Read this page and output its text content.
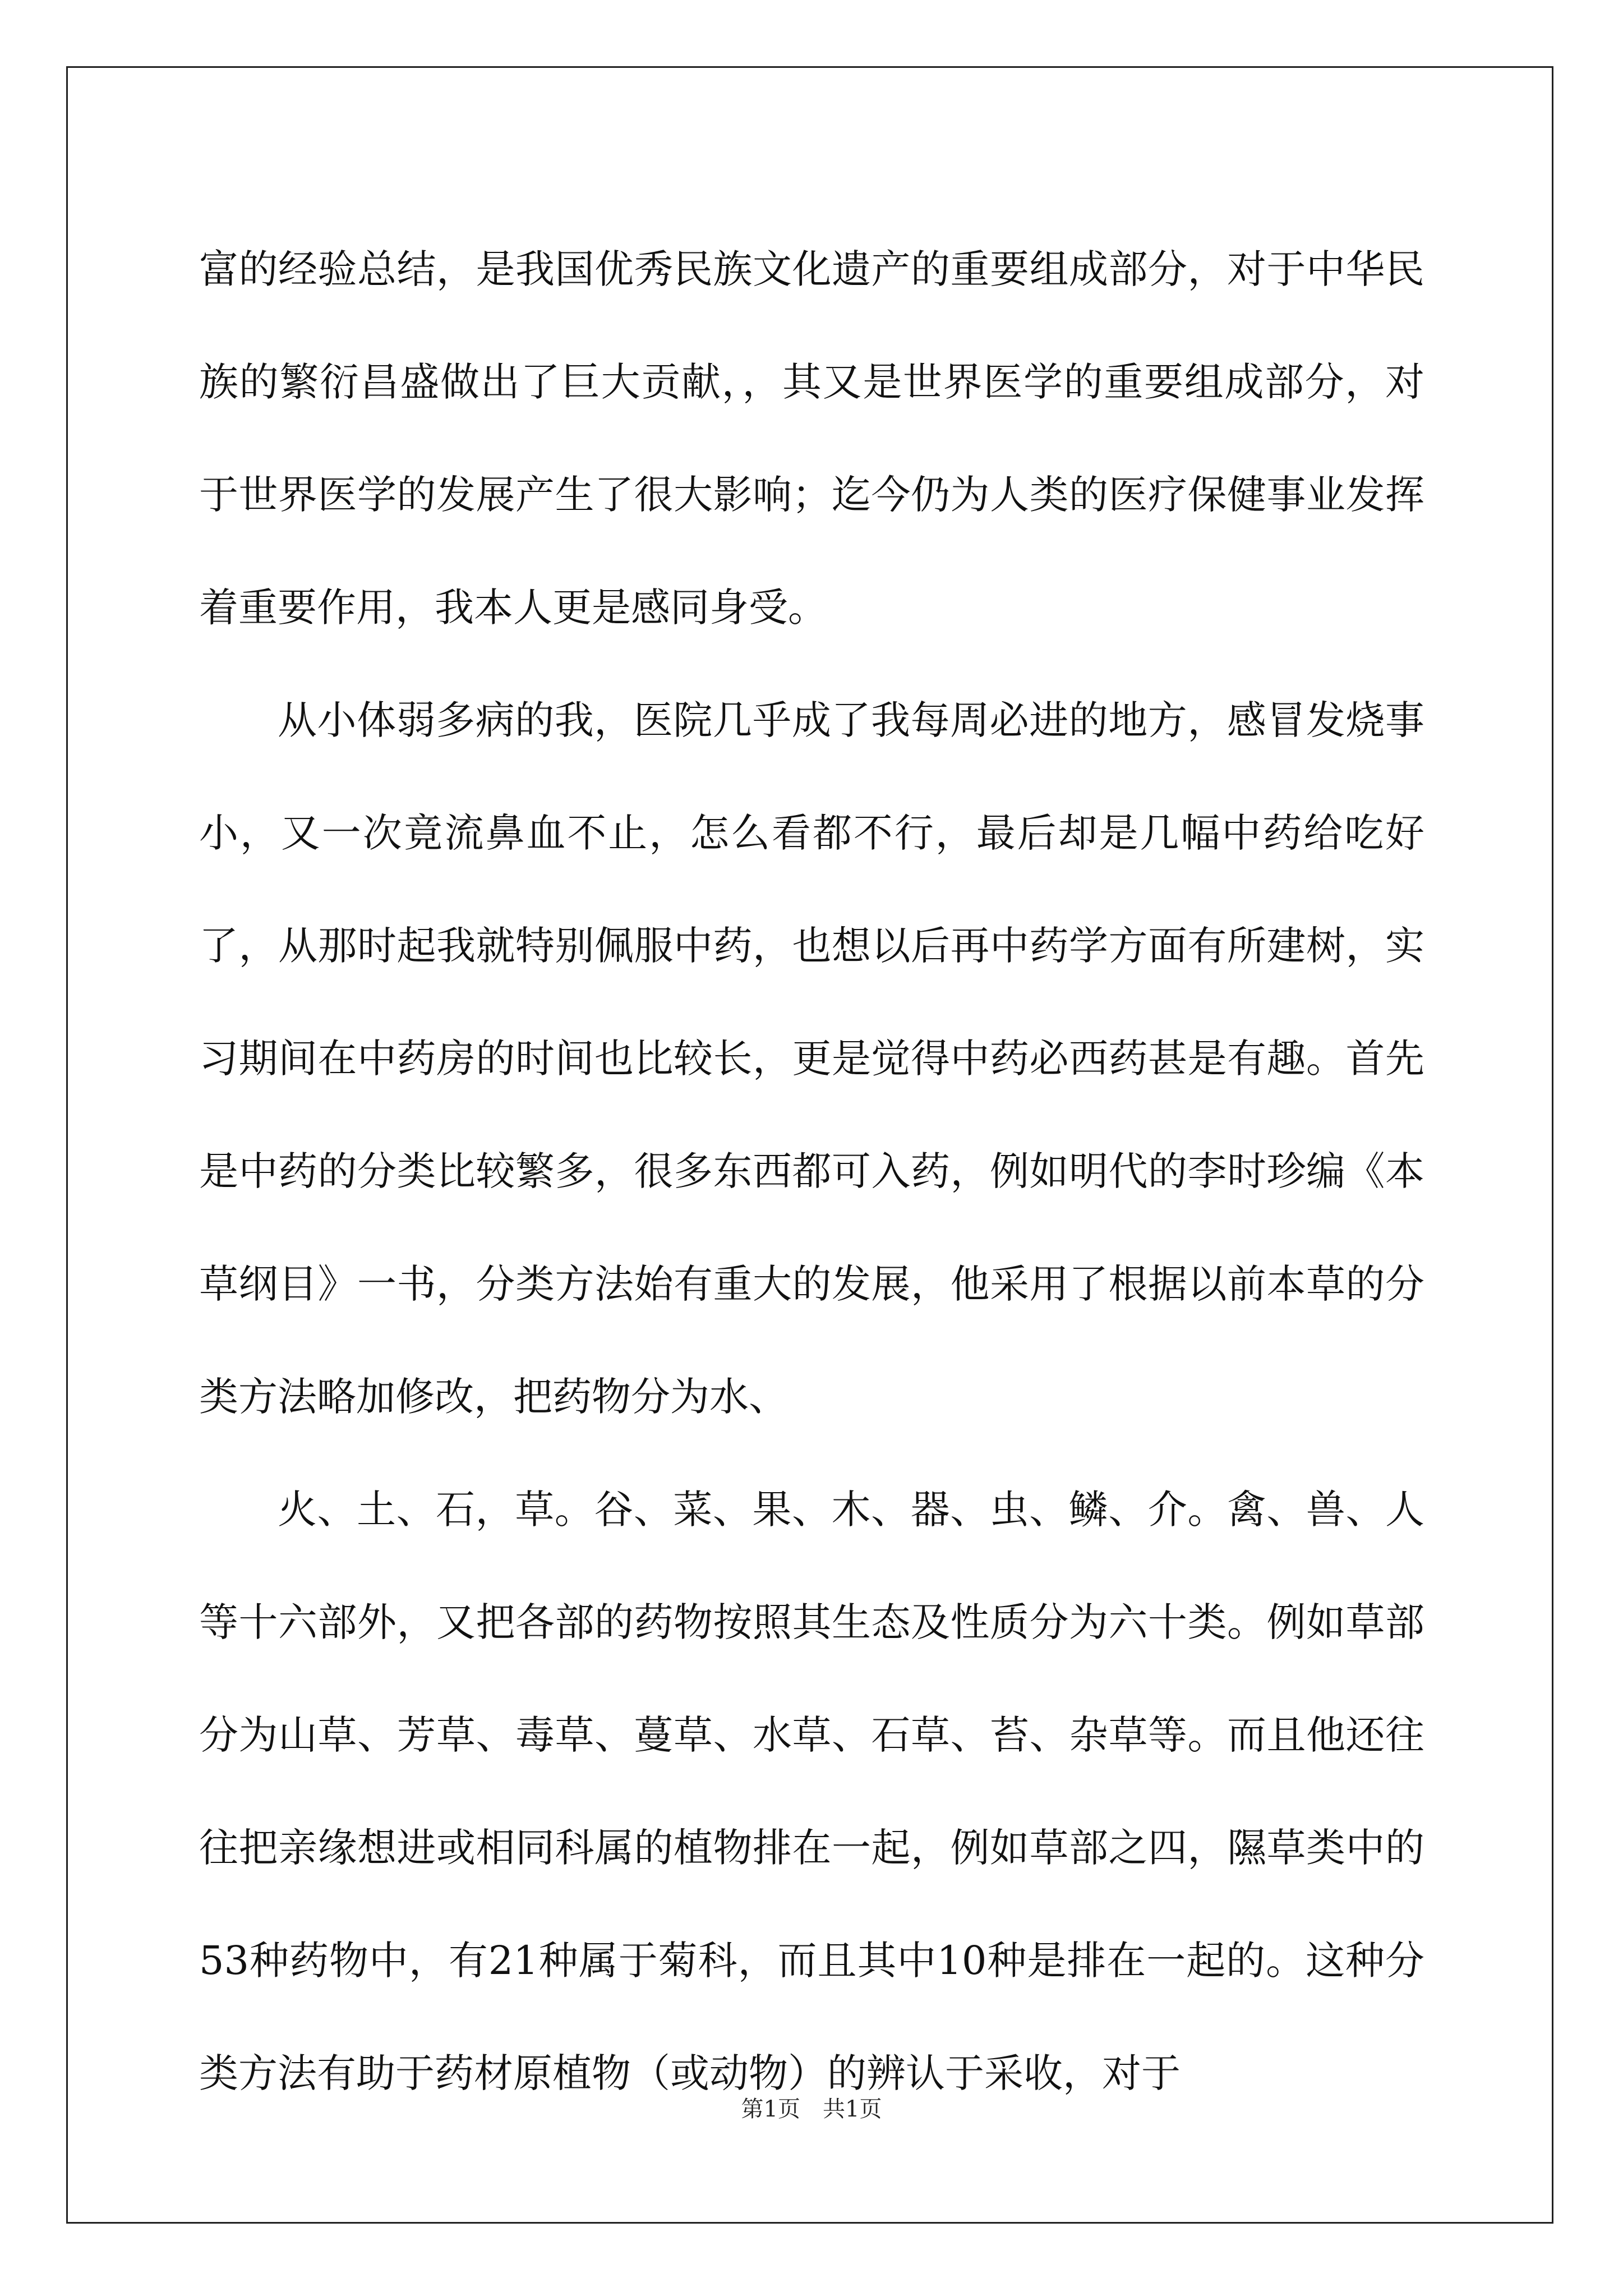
富的经验总结，是我国优秀民族文化遗产的重要组成部分，对于中华民族的繁衍昌盛做出了巨大贡献，，其又是世界医学的重要组成部分，对于世界医学的发展产生了很大影响；迄今仍为人类的医疗保健事业发挥着重要作用，我本人更是感同身受。

从小体弱多病的我，医院几乎成了我每周必进的地方，感冒发烧事小，又一次竟流鼻血不止，怎么看都不行，最后却是几幅中药给吃好了，从那时起我就特别佩服中药，也想以后再中药学方面有所建树，实习期间在中药房的时间也比较长，更是觉得中药必西药甚是有趣。首先是中药的分类比较繁多，很多东西都可入药，例如明代的李时珍编《本草纲目》一书，分类方法始有重大的发展，他采用了根据以前本草的分类方法略加修改，把药物分为水、

火、土、石，草。谷、菜、果、木、器、虫、鳞、介。禽、兽、人等十六部外，又把各部的药物按照其生态及性质分为六十类。例如草部分为山草、芳草、毒草、蔓草、水草、石草、苔、杂草等。而且他还往往把亲缘想进或相同科属的植物排在一起，例如草部之四，隰草类中的53种药物中，有21种属于菊科，而且其中10种是排在一起的。这种分类方法有助于药材原植物（或动物）的辨认于采收，对于

第1页　共1页
